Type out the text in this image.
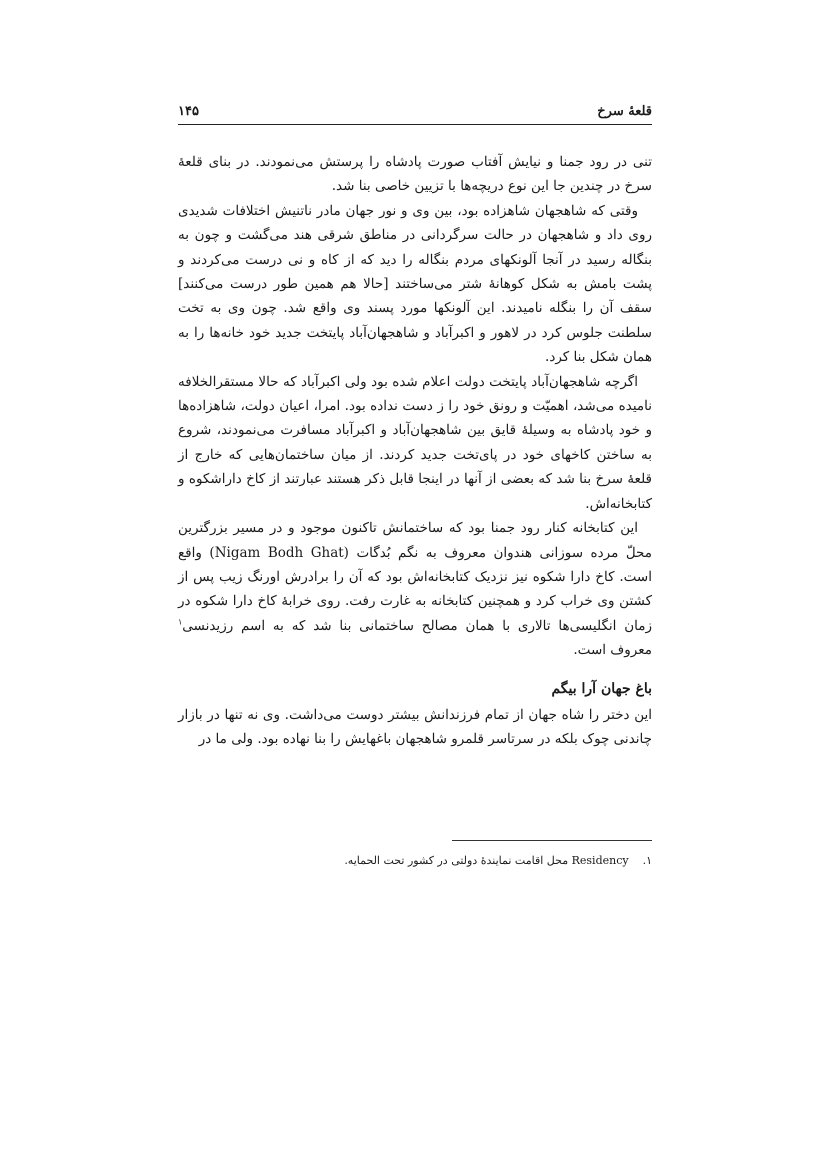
قلعهٔ سرخ
۱۴۵

تنی در رود جمنا و نیایش آفتاب صورت پادشاه را پرستش می‌نمودند. در بنای قلعهٔ سرخ در چندین جا این نوع دریچه‌ها با تزیین خاصی بنا شد.

وقتی که شاهجهان شاهزاده بود، بین وی و نور جهان مادر ناتنیش اختلافات شدیدی روی داد و شاهجهان در حالت سرگردانی در مناطق شرقی هند می‌گشت و چون به بنگاله رسید در آنجا آلونکهای مردم بنگاله را دید که از کاه و نی درست می‌کردند و پشت بامش به شکل کوهانهٔ شتر می‌ساختند [حالا هم همین طور درست می‌کنند] سقف آن را بنگله نامیدند. این آلونکها مورد پسند وی واقع شد. چون وی به تخت سلطنت جلوس کرد در لاهور و اکبرآباد و شاهجهان‌آباد پایتخت جدید خود خانه‌ها را به همان شکل بنا کرد.

اگرچه شاهجهان‌آباد پایتخت دولت اعلام شده بود ولی اکبرآباد که حالا مستقرالخلافه نامیده می‌شد، اهمیّت و رونق خود را ز دست نداده بود. امرا، اعیان دولت، شاهزاده‌ها و خود پادشاه به وسیلهٔ قایق بین شاهجهان‌آباد و اکبرآباد مسافرت می‌نمودند، شروع به ساختن کاخهای خود در پای‌تخت جدید کردند. از میان ساختمان‌هایی که خارج از قلعهٔ سرخ بنا شد که بعضی از آنها در اینجا قابل ذکر هستند عبارتند از کاخ داراشکوه و کتابخانه‌اش.

این کتابخانه کنار رود جمنا بود که ساختمانش تاکنون موجود و در مسیر بزرگترین محلّ مرده سوزانی هندوان معروف به نگم بُدگات (Nigam Bodh Ghat) واقع است. کاخ دارا شکوه نیز نزدیک کتابخانه‌اش بود که آن را برادرش اورنگ زیب پس از کشتن وی خراب کرد و همچنین کتابخانه به غارت رفت. روی خرابهٔ کاخ دارا شکوه در زمان انگلیسی‌ها تالاری با همان مصالح ساختمانی بنا شد که به اسم رزیدنسی$^۱$ معروف است.

باغ جهان آرا بیگم

این دختر را شاه جهان از تمام فرزندانش بیشتر دوست می‌داشت. وی نه تنها در بازار چاندنی چوک بلکه در سرتاسر قلمرو شاهجهان باغهایش را بنا نهاده بود. ولی ما در

۱.Residency محل اقامت نمایندهٔ دولتی در کشور تحت الحمایه.
